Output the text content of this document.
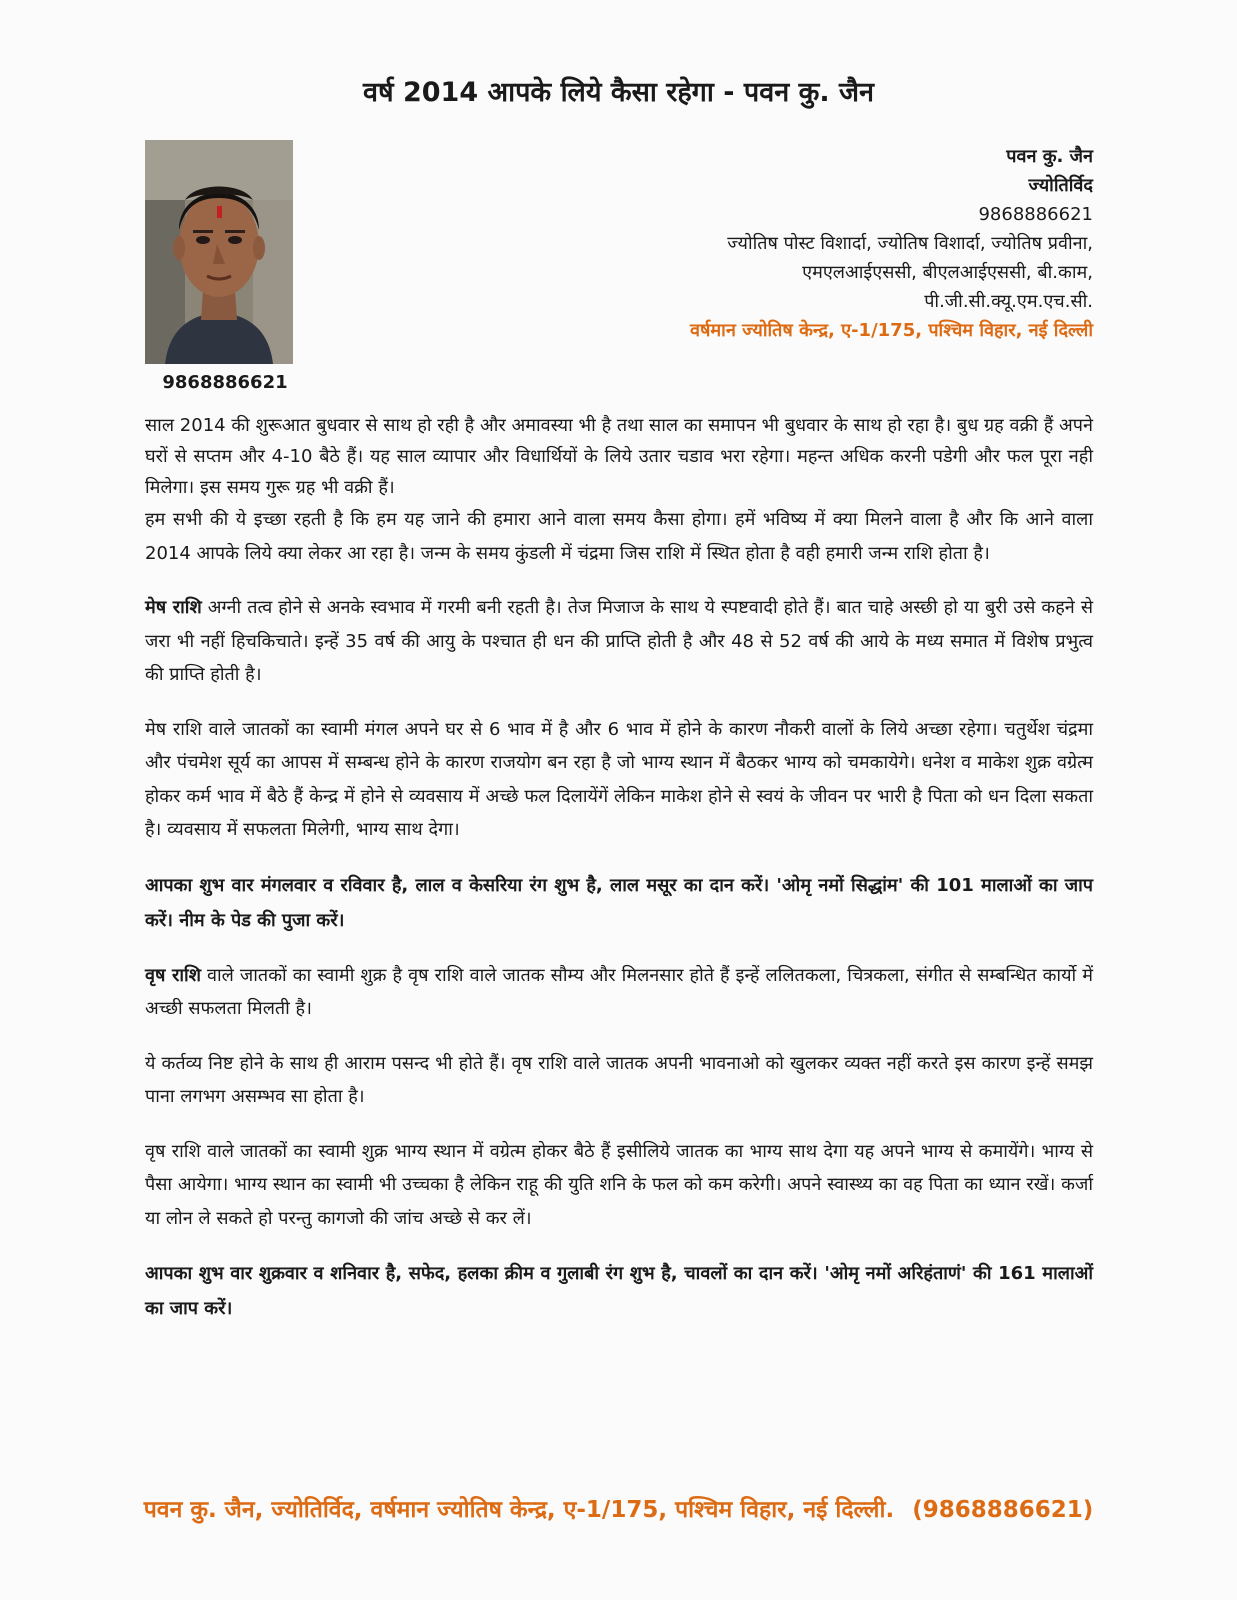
वर्ष 2014 आपके लिये कैसा रहेगा - पवन कु. जैन
9868886621
पवन कु. जैन
ज्योतिर्विद
9868886621
ज्योतिष पोस्ट विशार्दा, ज्योतिष विशार्दा, ज्योतिष प्रवीना,
एमएलआईएससी, बीएलआईएससी, बी.काम,
पी.जी.सी.क्यू.एम.एच.सी.
वर्षमान ज्योतिष केन्द्र, ए-1/175, पश्चिम विहार, नई दिल्ली

साल 2014 की शुरूआत बुधवार से साथ हो रही है और अमावस्या भी है तथा साल का समापन भी बुधवार के साथ हो रहा है। बुध ग्रह वक्री हैं अपने घरों से सप्तम और 4-10 बैठे हैं। यह साल व्यापार और विधार्थियों के लिये उतार चडाव भरा रहेगा। महन्त अधिक करनी पडेगी और फल पूरा नही मिलेगा। इस समय गुरू ग्रह भी वक्री हैं।

हम सभी की ये इच्छा रहती है कि हम यह जाने की हमारा आने वाला समय कैसा होगा। हमें भविष्य में क्या मिलने वाला है और कि आने वाला 2014 आपके लिये क्या लेकर आ रहा है। जन्म के समय कुंडली में चंद्रमा जिस राशि में स्थित होता है वही हमारी जन्म राशि होता है।

मेष राशि अग्नी तत्व होने से अनके स्वभाव में गरमी बनी रहती है। तेज मिजाज के साथ ये स्पष्टवादी होते हैं। बात चाहे अस्छी हो या बुरी उसे कहने से जरा भी नहीं हिचकिचाते। इन्हें 35 वर्ष की आयु के पश्चात ही धन की प्राप्ति होती है और 48 से 52 वर्ष की आये के मध्य समात में विशेष प्रभुत्व की प्राप्ति होती है।

मेष राशि वाले जातकों का स्वामी मंगल अपने घर से 6 भाव में है और 6 भाव में होने के कारण नौकरी वालों के लिये अच्छा रहेगा। चतुर्थेश चंद्रमा और पंचमेश सूर्य का आपस में सम्बन्ध होने के कारण राजयोग बन रहा है जो भाग्य स्थान में बैठकर भाग्य को चमकायेगे। धनेश व माकेश शुक्र वग्रेत्म होकर कर्म भाव में बैठे हैं केन्द्र में होने से व्यवसाय में अच्छे फल दिलायेंगें लेकिन माकेश होने से स्वयं के जीवन पर भारी है पिता को धन दिला सकता है। व्यवसाय में सफलता मिलेगी, भाग्य साथ देगा।

आपका शुभ वार मंगलवार व रविवार है, लाल व केसरिया रंग शुभ है, लाल मसूर का दान करें। 'ओमृ नमों सिद्धांम' की 101 मालाओं का जाप करें। नीम के पेड की पुजा करें।

वृष राशि वाले जातकों का स्वामी शुक्र है वृष राशि वाले जातक सौम्य और मिलनसार होते हैं इन्हें ललितकला, चित्रकला, संगीत से सम्बन्धित कार्यो में अच्छी सफलता मिलती है।

ये कर्तव्य निष्ट होने के साथ ही आराम पसन्द भी होते हैं। वृष राशि वाले जातक अपनी भावनाओ को खुलकर व्यक्त नहीं करते इस कारण इन्हें समझ पाना लगभग असम्भव सा होता है।

वृष राशि वाले जातकों का स्वामी शुक्र भाग्य स्थान में वग्रेत्म होकर बैठे हैं इसीलिये जातक का भाग्य साथ देगा यह अपने भाग्य से कमायेंगे। भाग्य से पैसा आयेगा। भाग्य स्थान का स्वामी भी उच्चका है लेकिन राहू की युति शनि के फल को कम करेगी। अपने स्वास्थ्य का वह पिता का ध्यान रखें। कर्जा या लोन ले सकते हो परन्तु कागजो की जांच अच्छे से कर लें।

आपका शुभ वार शुक्रवार व शनिवार है, सफेद, हलका क्रीम व गुलाबी रंग शुभ है, चावलों का दान करें। 'ओमृ नमों अरिहंताणं' की 161 मालाओं का जाप करें।

पवन कु. जैन, ज्योतिर्विद, वर्षमान ज्योतिष केन्द्र, ए-1/175, पश्चिम विहार, नई दिल्ली. (9868886621)
